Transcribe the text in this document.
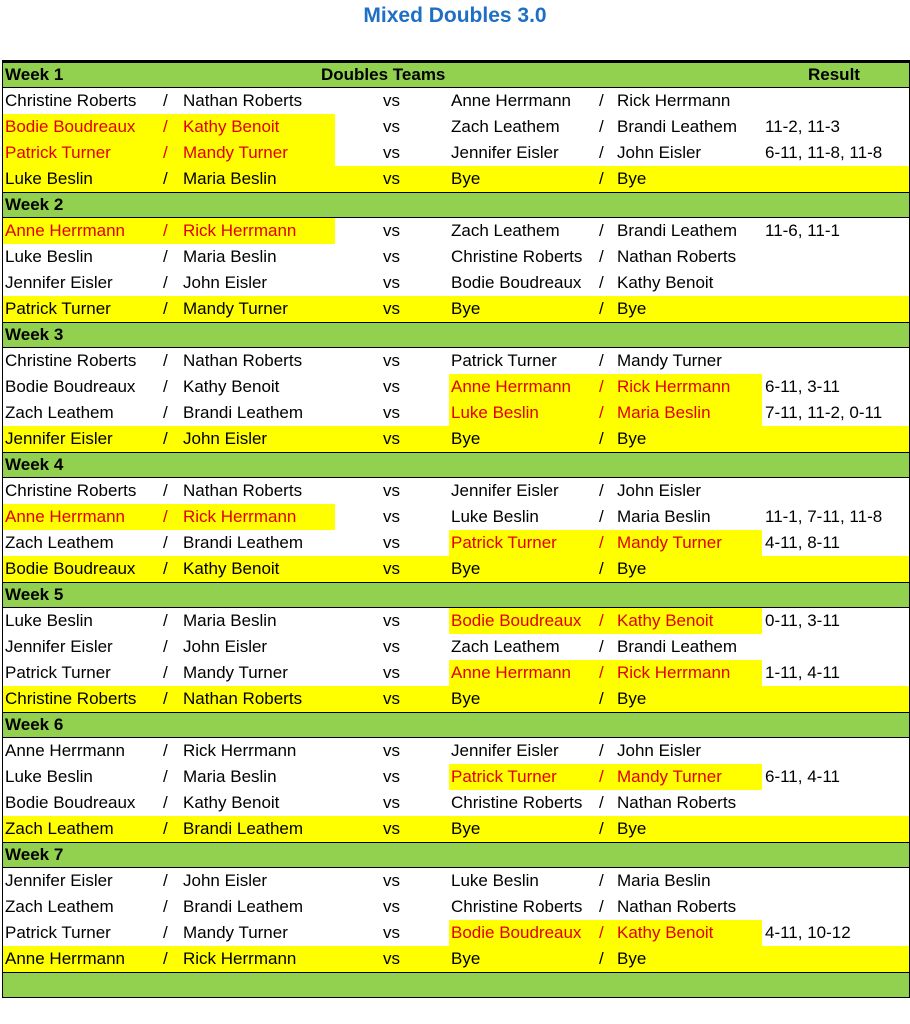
Mixed Doubles 3.0
Week 1	Doubles Teams	Result
Christine Roberts	/ Nathan Roberts	vs	Anne Herrmann	/ Rick Herrmann
Bodie Boudreaux	/ Kathy Benoit	vs	Zach Leathem	/ Brandi Leathem	11-2, 11-3
Patrick Turner	/ Mandy Turner	vs	Jennifer Eisler	/ John Eisler	6-11, 11-8, 11-8
Luke Beslin	/ Maria Beslin	vs	Bye	/ Bye
Week 2
Anne Herrmann	/ Rick Herrmann	vs	Zach Leathem	/ Brandi Leathem	11-6, 11-1
Luke Beslin	/ Maria Beslin	vs	Christine Roberts / Nathan Roberts
Jennifer Eisler	/ John Eisler	vs	Bodie Boudreaux	/ Kathy Benoit
Patrick Turner	/ Mandy Turner	vs	Bye	/ Bye
Week 3
Christine Roberts	/ Nathan Roberts	vs	Patrick Turner	/ Mandy Turner
Bodie Boudreaux	/ Kathy Benoit	vs	Anne Herrmann	/ Rick Herrmann	6-11, 3-11
Zach Leathem	/ Brandi Leathem	vs	Luke Beslin	/ Maria Beslin	7-11, 11-2, 0-11
Jennifer Eisler	/ John Eisler	vs	Bye	/ Bye
Week 4
Christine Roberts	/ Nathan Roberts	vs	Jennifer Eisler	/ John Eisler
Anne Herrmann	/ Rick Herrmann	vs	Luke Beslin	/ Maria Beslin	11-1, 7-11, 11-8
Zach Leathem	/ Brandi Leathem	vs	Patrick Turner	/ Mandy Turner	4-11, 8-11
Bodie Boudreaux	/ Kathy Benoit	vs	Bye	/ Bye
Week 5
Luke Beslin	/ Maria Beslin	vs	Bodie Boudreaux	/ Kathy Benoit	0-11, 3-11
Jennifer Eisler	/ John Eisler	vs	Zach Leathem	/ Brandi Leathem
Patrick Turner	/ Mandy Turner	vs	Anne Herrmann	/ Rick Herrmann	1-11, 4-11
Christine Roberts	/ Nathan Roberts	vs	Bye	/ Bye
Week 6
Anne Herrmann	/ Rick Herrmann	vs	Jennifer Eisler	/ John Eisler
Luke Beslin	/ Maria Beslin	vs	Patrick Turner	/ Mandy Turner	6-11, 4-11
Bodie Boudreaux	/ Kathy Benoit	vs	Christine Roberts / Nathan Roberts
Zach Leathem	/ Brandi Leathem	vs	Bye	/ Bye
Week 7
Jennifer Eisler	/ John Eisler	vs	Luke Beslin	/ Maria Beslin
Zach Leathem	/ Brandi Leathem	vs	Christine Roberts / Nathan Roberts
Patrick Turner	/ Mandy Turner	vs	Bodie Boudreaux	/ Kathy Benoit	4-11, 10-12
Anne Herrmann	/ Rick Herrmann	vs	Bye	/ Bye
